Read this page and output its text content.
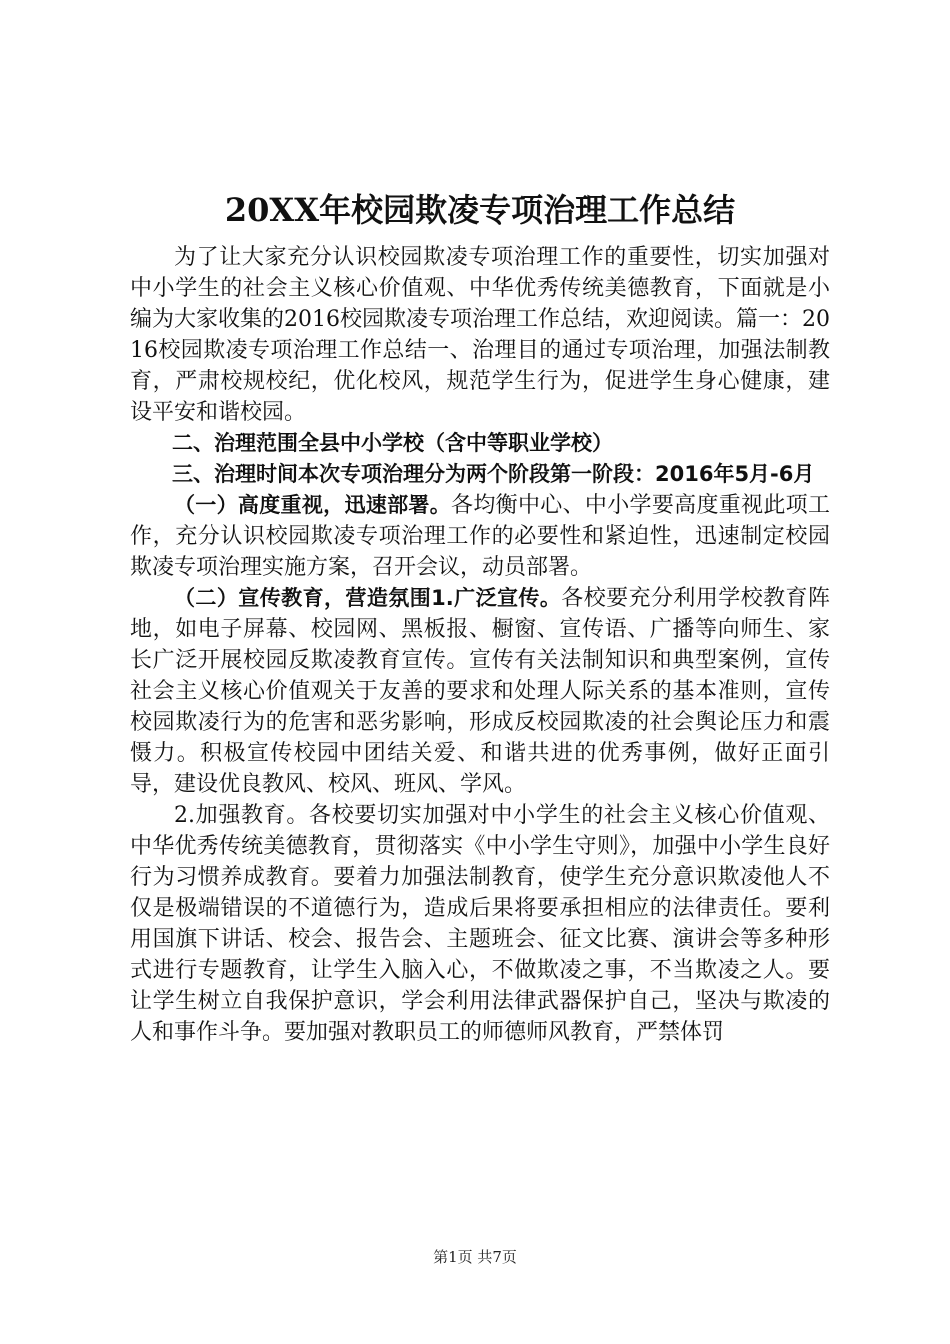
20XX年校园欺凌专项治理工作总结

为了让大家充分认识校园欺凌专项治理工作的重要性，切实加强对中小学生的社会主义核心价值观、中华优秀传统美德教育，下面就是小编为大家收集的2016校园欺凌专项治理工作总结，欢迎阅读。篇一：2016校园欺凌专项治理工作总结一、治理目的通过专项治理，加强法制教育，严肃校规校纪，优化校风，规范学生行为，促进学生身心健康，建设平安和谐校园。

二、治理范围全县中小学校（含中等职业学校）

三、治理时间本次专项治理分为两个阶段第一阶段：2016年5月-6月

（一）高度重视，迅速部署。各均衡中心、中小学要高度重视此项工作，充分认识校园欺凌专项治理工作的必要性和紧迫性，迅速制定校园欺凌专项治理实施方案，召开会议，动员部署。

（二）宣传教育，营造氛围1.广泛宣传。各校要充分利用学校教育阵地，如电子屏幕、校园网、黑板报、橱窗、宣传语、广播等向师生、家长广泛开展校园反欺凌教育宣传。宣传有关法制知识和典型案例，宣传社会主义核心价值观关于友善的要求和处理人际关系的基本准则，宣传校园欺凌行为的危害和恶劣影响，形成反校园欺凌的社会舆论压力和震慑力。积极宣传校园中团结关爱、和谐共进的优秀事例，做好正面引导，建设优良教风、校风、班风、学风。

2.加强教育。各校要切实加强对中小学生的社会主义核心价值观、中华优秀传统美德教育，贯彻落实《中小学生守则》，加强中小学生良好行为习惯养成教育。要着力加强法制教育，使学生充分意识欺凌他人不仅是极端错误的不道德行为，造成后果将要承担相应的法律责任。要利用国旗下讲话、校会、报告会、主题班会、征文比赛、演讲会等多种形式进行专题教育，让学生入脑入心，不做欺凌之事，不当欺凌之人。要让学生树立自我保护意识，学会利用法律武器保护自己，坚决与欺凌的人和事作斗争。要加强对教职员工的师德师风教育，严禁体罚

第1页 共7页
